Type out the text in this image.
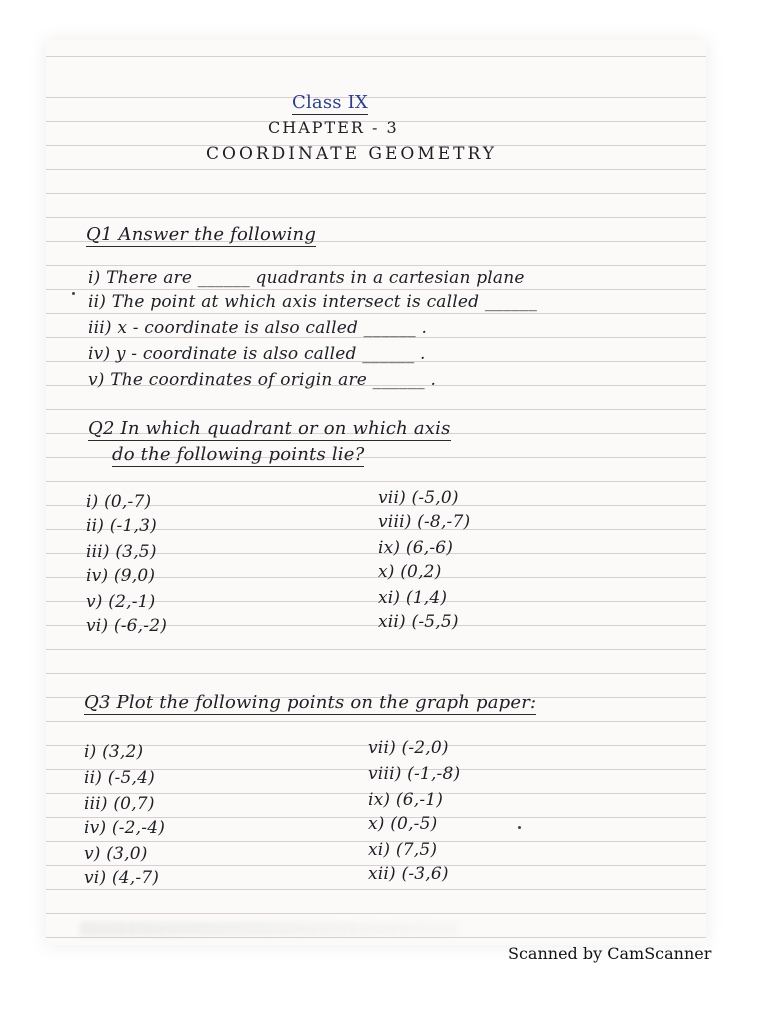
Class IX
CHAPTER - 3
COORDINATE GEOMETRY
Q1 Answer the following
i) There are ______ quadrants in a cartesian plane
ii) The point at which axis intersect is called ______
iii) x - coordinate is also called ______ .
iv) y - coordinate is also called ______ .
v) The coordinates of origin are ______ .
Q2 In which quadrant or on which axis
do the following points lie?
i) (0,-7)
ii) (-1,3)
iii) (3,5)
iv) (9,0)
v) (2,-1)
vi) (-6,-2)
vii) (-5,0)
viii) (-8,-7)
ix) (6,-6)
x) (0,2)
xi) (1,4)
xii) (-5,5)
Q3 Plot the following points on the graph paper:
i) (3,2)
ii) (-5,4)
iii) (0,7)
iv) (-2,-4)
v) (3,0)
vi) (4,-7)
vii) (-2,0)
viii) (-1,-8)
ix) (6,-1)
x) (0,-5)
xi) (7,5)
xii) (-3,6)
Scanned by CamScanner
